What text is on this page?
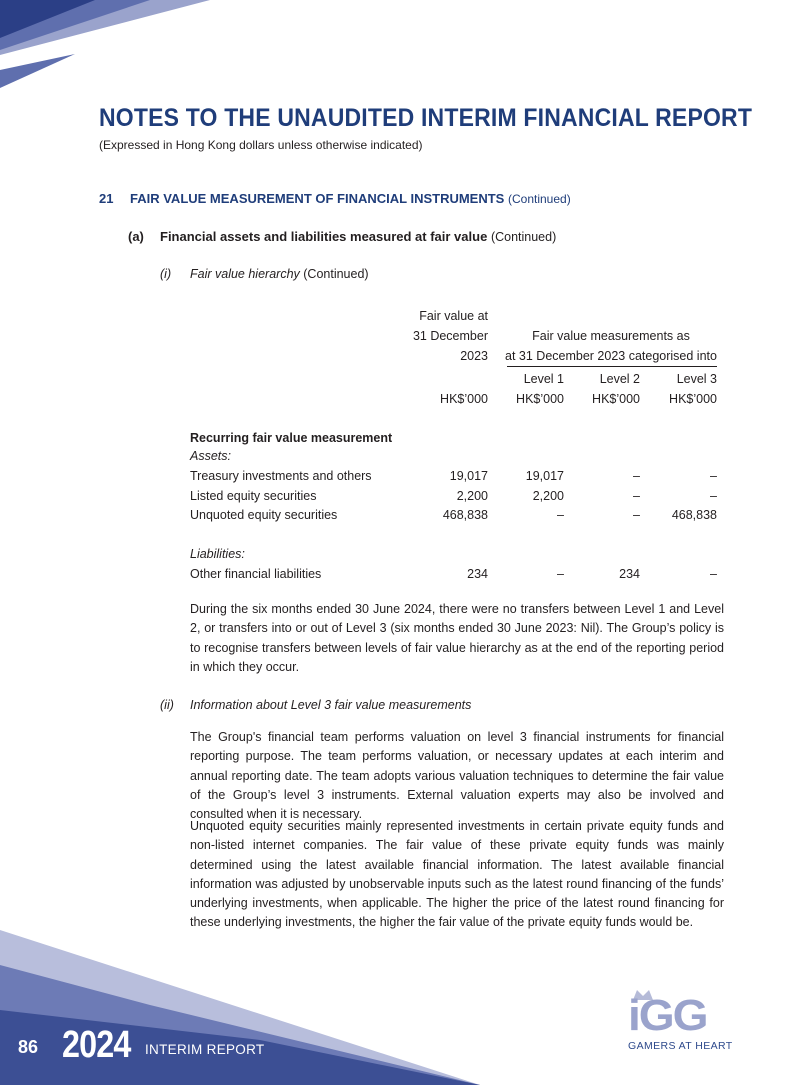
NOTES TO THE UNAUDITED INTERIM FINANCIAL REPORT
(Expressed in Hong Kong dollars unless otherwise indicated)
21 FAIR VALUE MEASUREMENT OF FINANCIAL INSTRUMENTS (Continued)
(a) Financial assets and liabilities measured at fair value (Continued)
(i) Fair value hierarchy (Continued)
Fair value at
31 December
2023
Fair value measurements as
at 31 December 2023 categorised into
Level 1	Level 2	Level 3
HK$’000	HK$’000	HK$’000	HK$’000
Recurring fair value measurement
Assets:
Treasury investments and others	19,017	19,017	–	–
Listed equity securities	2,200	2,200	–	–
Unquoted equity securities	468,838	–	–	468,838
Liabilities:
Other financial liabilities	234	–	234	–
During the six months ended 30 June 2024, there were no transfers between Level 1 and Level 2, or transfers into or out of Level 3 (six months ended 30 June 2023: Nil). The Group’s policy is to recognise transfers between levels of fair value hierarchy as at the end of the reporting period in which they occur.
(ii) Information about Level 3 fair value measurements
The Group's financial team performs valuation on level 3 financial instruments for financial reporting purpose. The team performs valuation, or necessary updates at each interim and annual reporting date. The team adopts various valuation techniques to determine the fair value of the Group’s level 3 instruments. External valuation experts may also be involved and consulted when it is necessary.
Unquoted equity securities mainly represented investments in certain private equity funds and non-listed internet companies. The fair value of these private equity funds was mainly determined using the latest available financial information. The latest available financial information was adjusted by unobservable inputs such as the latest round financing of the funds’ underlying investments, when applicable. The higher the price of the latest round financing for these underlying investments, the higher the fair value of the private equity funds would be.
86 2024 INTERIM REPORT
iGG
GAMERS AT HEART
